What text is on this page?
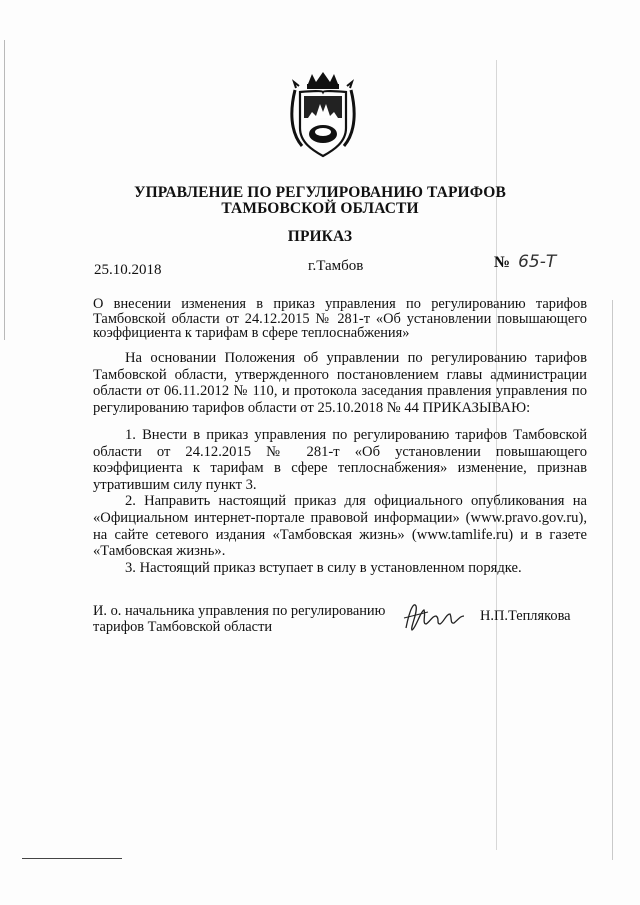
УПРАВЛЕНИЕ ПО РЕГУЛИРОВАНИЮ ТАРИФОВ
ТАМБОВСКОЙ ОБЛАСТИ
ПРИКАЗ
25.10.2018	г.Тамбов	№ 65-Т
О внесении изменения в приказ управления по регулированию тарифов Тамбовской области от 24.12.2015 № 281-т «Об установлении повышающего коэффициента к тарифам в сфере теплоснабжения»

На основании Положения об управлении по регулированию тарифов Тамбовской области, утвержденного постановлением главы администрации области от 06.11.2012 № 110, и протокола заседания правления управления по регулированию тарифов области от 25.10.2018 № 44 ПРИКАЗЫВАЮ:

1. Внести в приказ управления по регулированию тарифов Тамбовской области от 24.12.2015 № 281-т «Об установлении повышающего коэффициента к тарифам в сфере теплоснабжения» изменение, признав утратившим силу пункт 3.

2. Направить настоящий приказ для официального опубликования на «Официальном интернет-портале правовой информации» (www.pravo.gov.ru), на сайте сетевого издания «Тамбовская жизнь» (www.tamlife.ru) и в газете «Тамбовская жизнь».

3. Настоящий приказ вступает в силу в установленном порядке.

И. о. начальника управления по регулированию
тарифов Тамбовской области
Н.П.Теплякова
